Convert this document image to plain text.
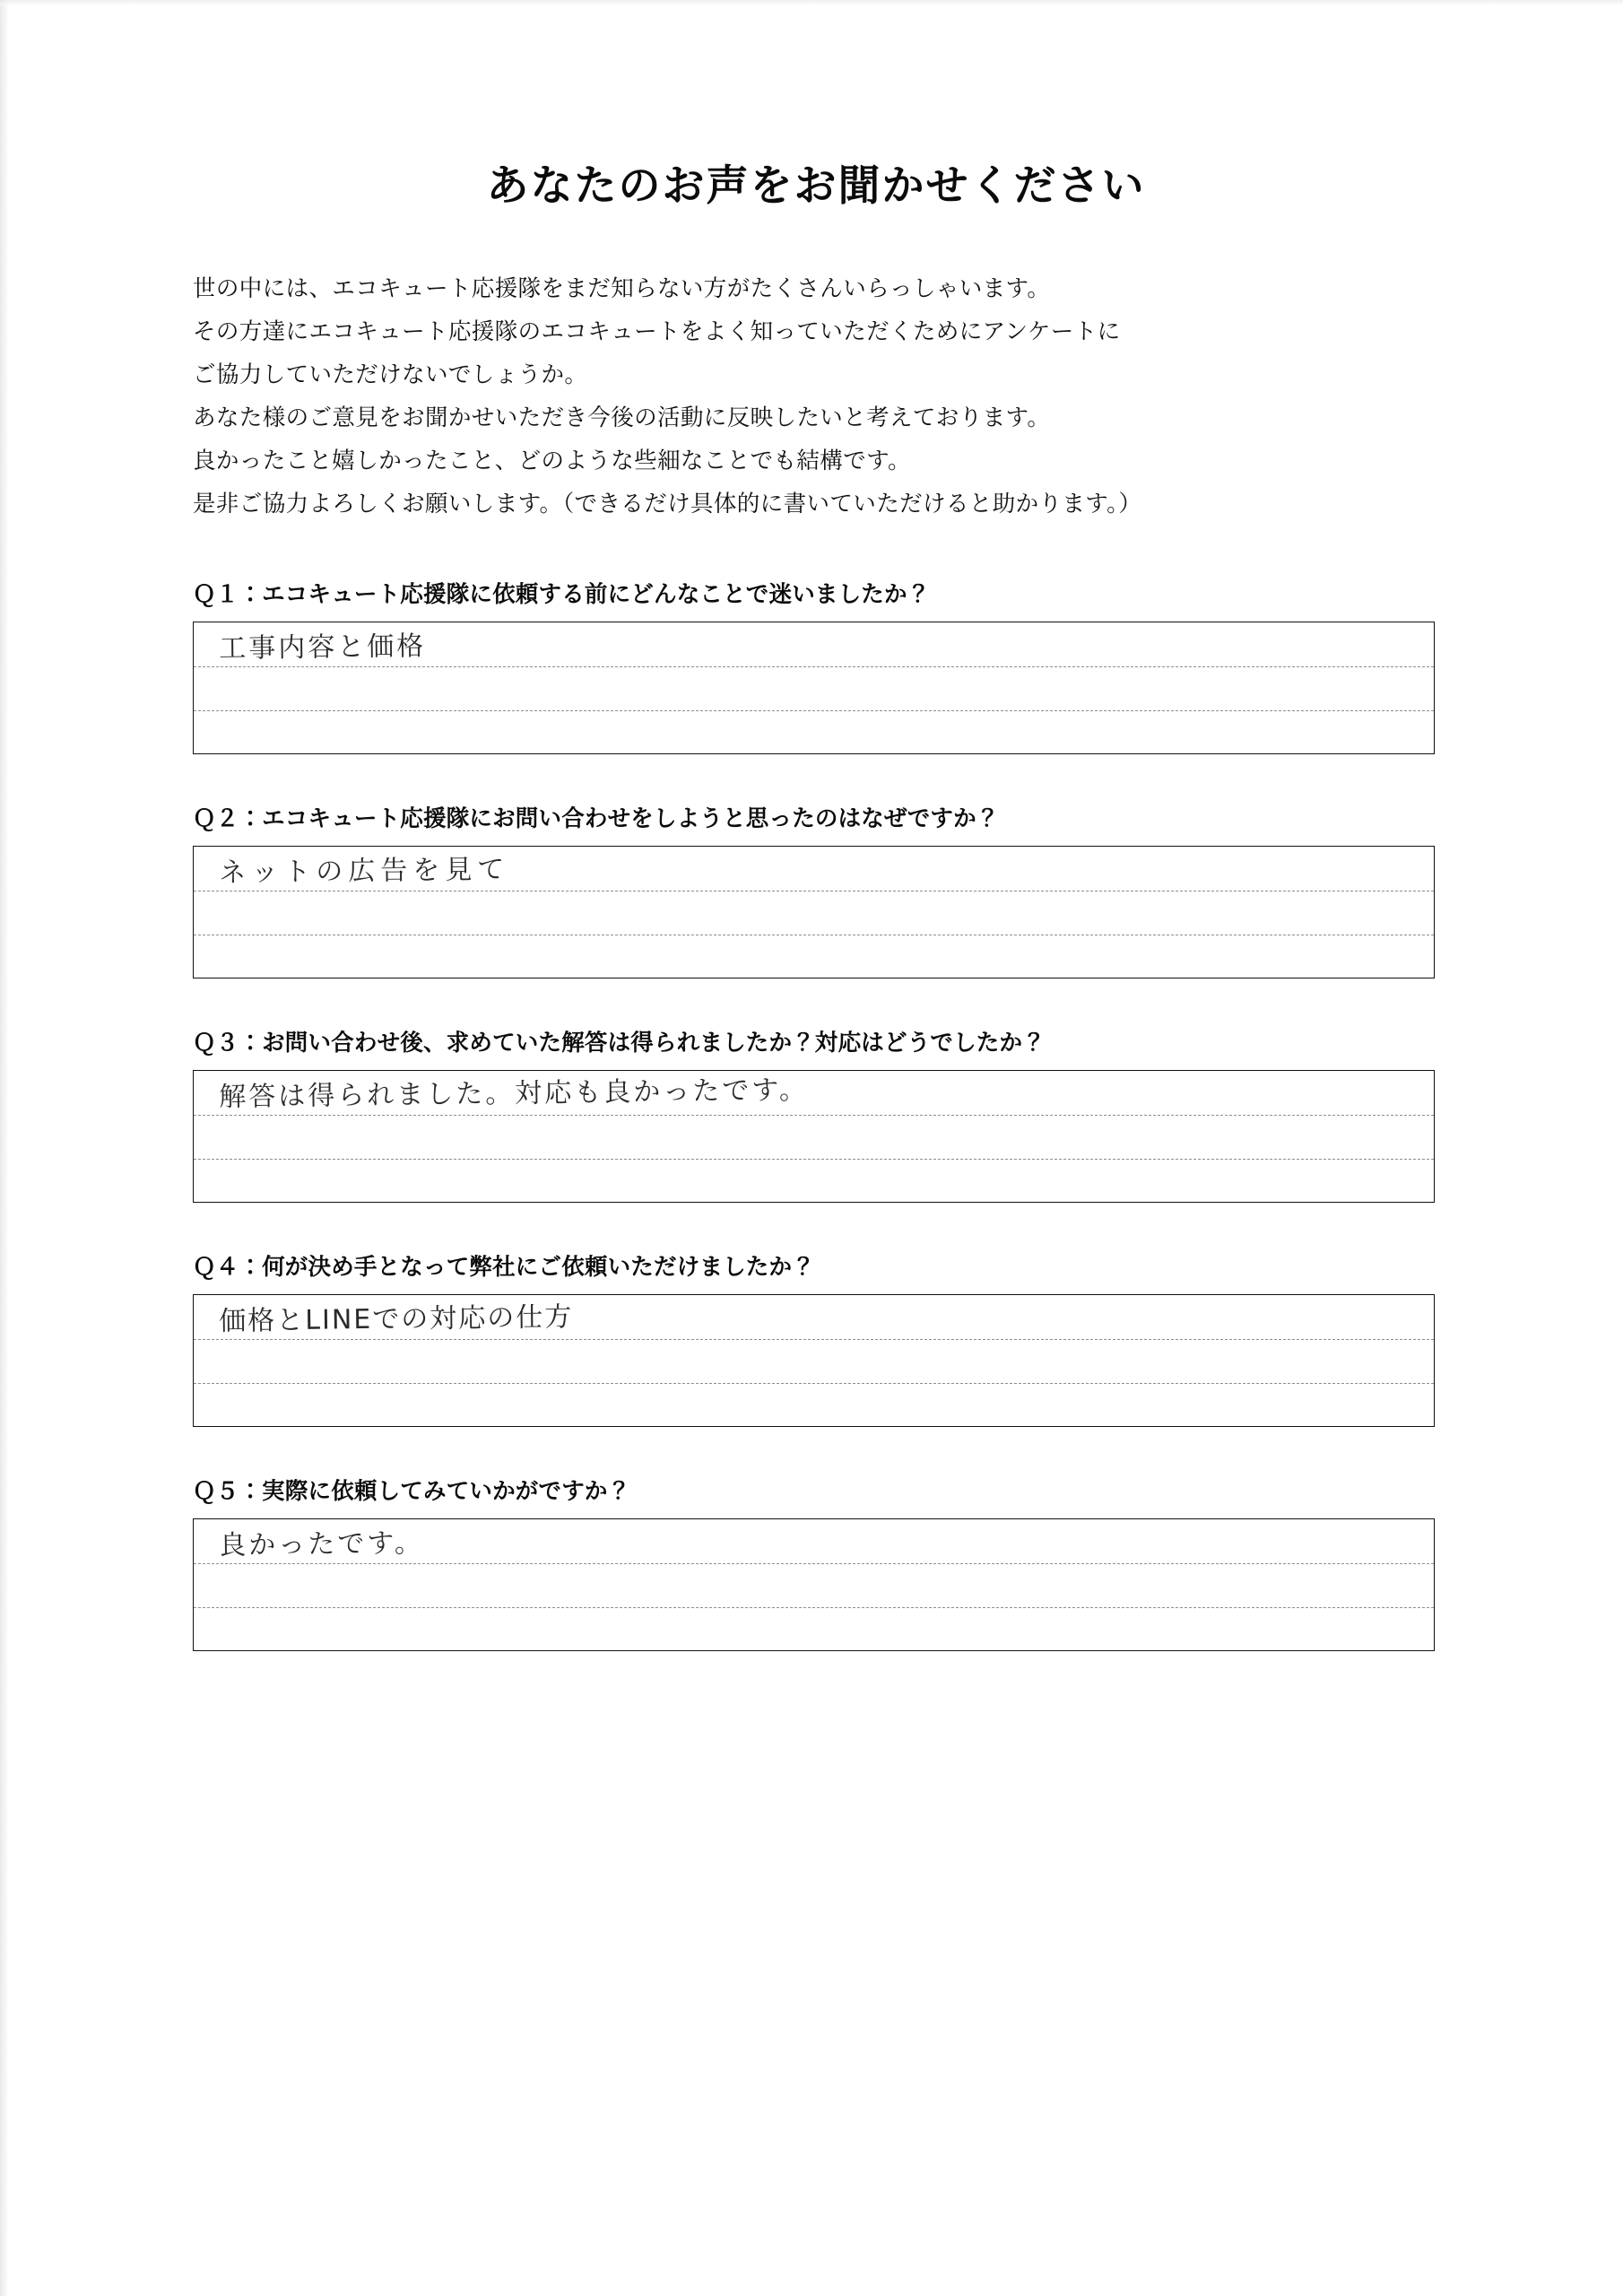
あなたのお声をお聞かせください

世の中には、エコキュート応援隊をまだ知らない方がたくさんいらっしゃいます。

その方達にエコキュート応援隊のエコキュートをよく知っていただくためにアンケートに

ご協力していただけないでしょうか。

あなた様のご意見をお聞かせいただき今後の活動に反映したいと考えております。

良かったこと嬉しかったこと、どのような些細なことでも結構です。

是非ご協力よろしくお願いします。（できるだけ具体的に書いていただけると助かります。）

Ｑ１：エコキュート応援隊に依頼する前にどんなことで迷いましたか？

工事内容と価格

Ｑ２：エコキュート応援隊にお問い合わせをしようと思ったのはなぜですか？

ネットの広告を見て

Ｑ３：お問い合わせ後、求めていた解答は得られましたか？対応はどうでしたか？

解答は得られました。対応も良かったです。

Ｑ４：何が決め手となって弊社にご依頼いただけましたか？

価格とLINEでの対応の仕方

Ｑ５：実際に依頼してみていかがですか？

良かったです。
